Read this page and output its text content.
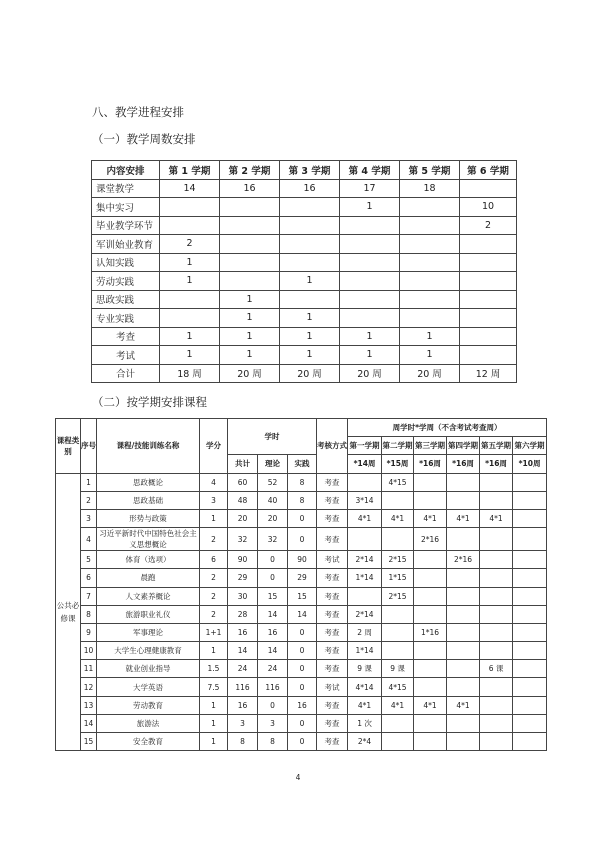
八、教学进程安排
（一）教学周数安排
内容安排	第 1 学期	第 2 学期	第 3 学期	第 4 学期	第 5 学期	第 6 学期
课堂教学	14	16	16	17	18	
集中实习				1		10
毕业教学环节						2
军训始业教育	2					
认知实践	1					
劳动实践	1		1			
思政实践		1				
专业实践		1	1			
考查	1	1	1	1	1	
考试	1	1	1	1	1	
合计	18 周	20 周	20 周	20 周	20 周	12 周
（二）按学期安排课程
课程类别	序号	课程/技能训练名称	学分	学时			考核方式	周学时*学周（不含考试考查周）					
								第一学期	第二学期	第三学期	第四学期	第五学期	第六学期
				共计	理论	实践		*14周	*15周	*16周	*16周	*16周	*10周
公共必修课	1	思政概论	4	60	52	8	考查		4*15				
	2	思政基础	3	48	40	8	考查	3*14					
	3	形势与政策	1	20	20	0	考查	4*1	4*1	4*1	4*1	4*1	
	4	习近平新时代中国特色社会主义思想概论	2	32	32	0	考查			2*16			
	5	体育（选项）	6	90	0	90	考试	2*14	2*15		2*16		
	6	晨跑	2	29	0	29	考查	1*14	1*15				
	7	人文素养概论	2	30	15	15	考查		2*15				
	8	旅游职业礼仪	2	28	14	14	考查	2*14					
	9	军事理论	1+1	16	16	0	考查	2 周		1*16			
	10	大学生心理健康教育	1	14	14	0	考查	1*14					
	11	就业创业指导	1.5	24	24	0	考查	9 课	9 课			6 课	
	12	大学英语	7.5	116	116	0	考试	4*14	4*15				
	13	劳动教育	1	16	0	16	考查	4*1	4*1	4*1	4*1		
	14	旅游法	1	3	3	0	考查	1 次					
	15	安全教育	1	8	8	0	考查	2*4					
4
